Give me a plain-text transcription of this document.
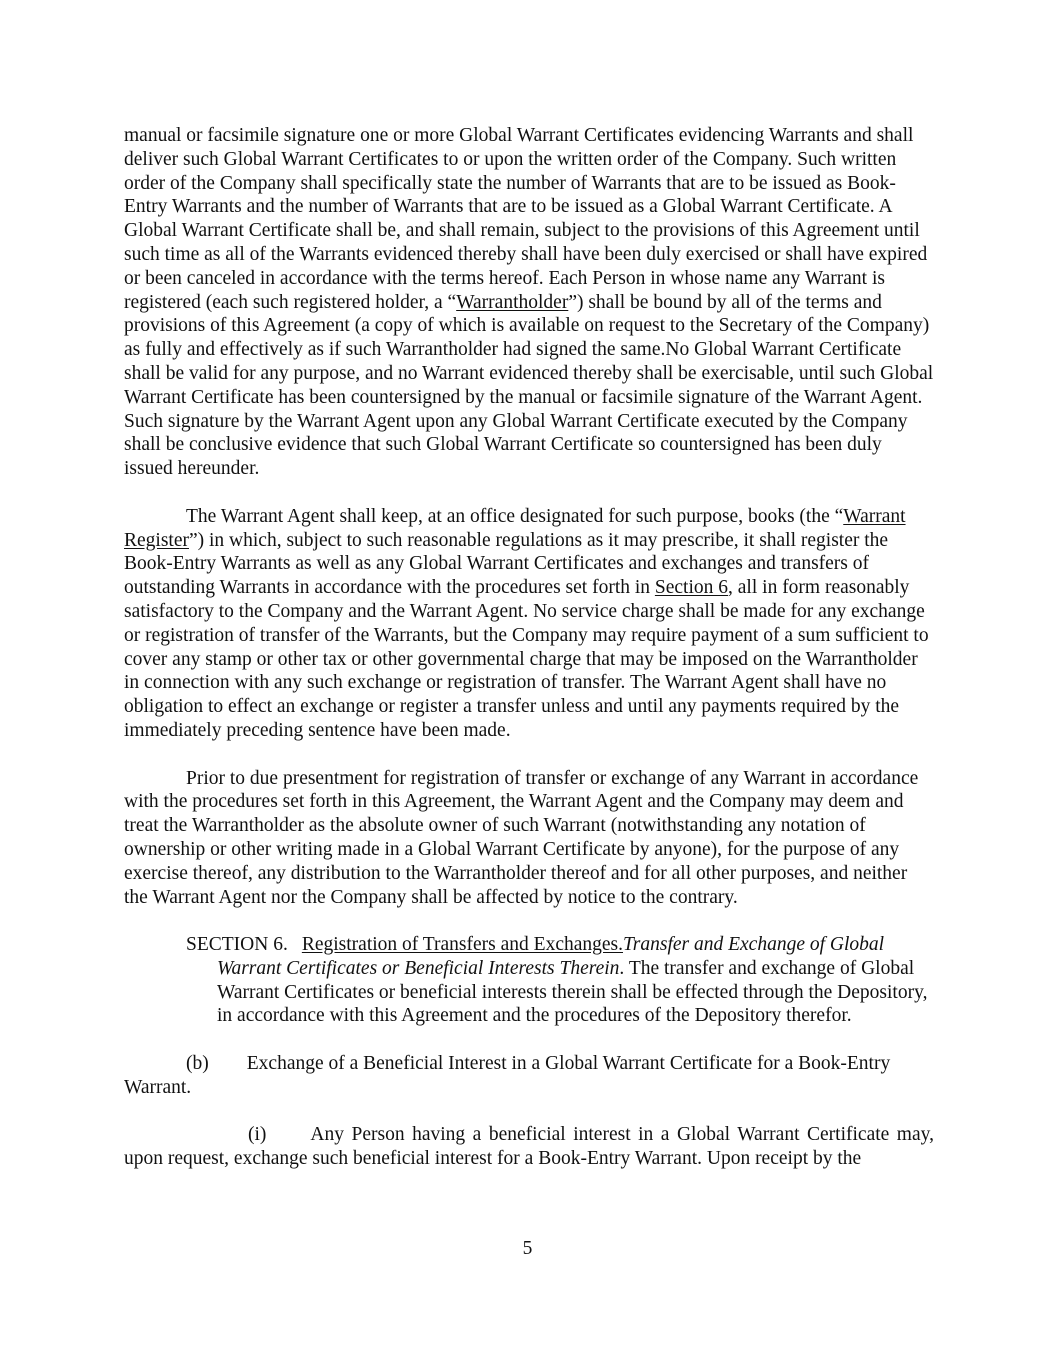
manual or facsimile signature one or more Global Warrant Certificates evidencing Warrants and shall deliver such Global Warrant Certificates to or upon the written order of the Company. Such written order of the Company shall specifically state the number of Warrants that are to be issued as Book-Entry Warrants and the number of Warrants that are to be issued as a Global Warrant Certificate. A Global Warrant Certificate shall be, and shall remain, subject to the provisions of this Agreement until such time as all of the Warrants evidenced thereby shall have been duly exercised or shall have expired or been canceled in accordance with the terms hereof. Each Person in whose name any Warrant is registered (each such registered holder, a “Warrantholder”) shall be bound by all of the terms and provisions of this Agreement (a copy of which is available on request to the Secretary of the Company) as fully and effectively as if such Warrantholder had signed the same.No Global Warrant Certificate shall be valid for any purpose, and no Warrant evidenced thereby shall be exercisable, until such Global Warrant Certificate has been countersigned by the manual or facsimile signature of the Warrant Agent. Such signature by the Warrant Agent upon any Global Warrant Certificate executed by the Company shall be conclusive evidence that such Global Warrant Certificate so countersigned has been duly issued hereunder.

The Warrant Agent shall keep, at an office designated for such purpose, books (the “Warrant Register”) in which, subject to such reasonable regulations as it may prescribe, it shall register the Book-Entry Warrants as well as any Global Warrant Certificates and exchanges and transfers of outstanding Warrants in accordance with the procedures set forth in Section 6, all in form reasonably satisfactory to the Company and the Warrant Agent. No service charge shall be made for any exchange or registration of transfer of the Warrants, but the Company may require payment of a sum sufficient to cover any stamp or other tax or other governmental charge that may be imposed on the Warrantholder in connection with any such exchange or registration of transfer. The Warrant Agent shall have no obligation to effect an exchange or register a transfer unless and until any payments required by the immediately preceding sentence have been made.

Prior to due presentment for registration of transfer or exchange of any Warrant in accordance with the procedures set forth in this Agreement, the Warrant Agent and the Company may deem and treat the Warrantholder as the absolute owner of such Warrant (notwithstanding any notation of ownership or other writing made in a Global Warrant Certificate by anyone), for the purpose of any exercise thereof, any distribution to the Warrantholder thereof and for all other purposes, and neither the Warrant Agent nor the Company shall be affected by notice to the contrary.

SECTION 6. Registration of Transfers and Exchanges.Transfer and Exchange of Global Warrant Certificates or Beneficial Interests Therein. The transfer and exchange of Global Warrant Certificates or beneficial interests therein shall be effected through the Depository, in accordance with this Agreement and the procedures of the Depository therefor.

(b) Exchange of a Beneficial Interest in a Global Warrant Certificate for a Book-Entry Warrant.

(i) Any Person having a beneficial interest in a Global Warrant Certificate may, upon request, exchange such beneficial interest for a Book-Entry Warrant. Upon receipt by the

5
